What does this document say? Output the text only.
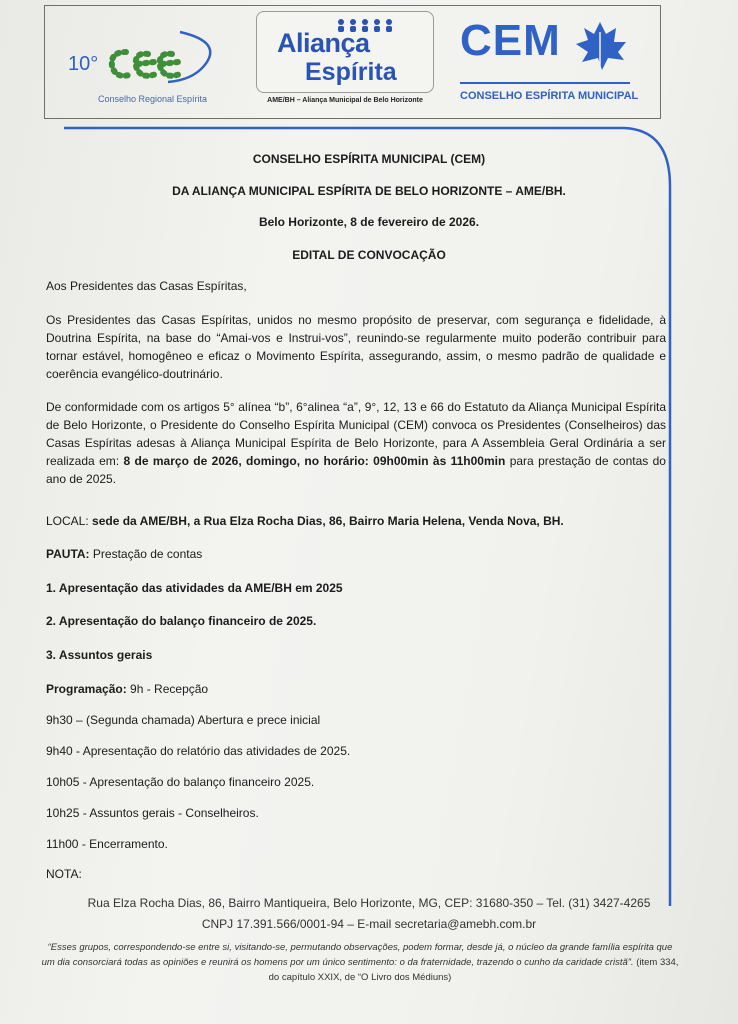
10°
Conselho Regional Espírita
Aliança
Espírita
AME/BH – Aliança Municipal de Belo Horizonte
CEM
CONSELHO ESPÍRITA MUNICIPAL
CONSELHO ESPÍRITA MUNICIPAL (CEM)
DA ALIANÇA MUNICIPAL ESPÍRITA DE BELO HORIZONTE – AME/BH.
Belo Horizonte, 8 de fevereiro de 2026.
EDITAL DE CONVOCAÇÃO
Aos Presidentes das Casas Espíritas,
Os Presidentes das Casas Espíritas, unidos no mesmo propósito de preservar, com segurança e fidelidade, à Doutrina Espírita, na base do “Amai-vos e Instrui-vos”, reunindo-se regularmente muito poderão contribuir para tornar estável, homogêneo e eficaz o Movimento Espírita, assegurando, assim, o mesmo padrão de qualidade e coerência evangélico-doutrinário.
De conformidade com os artigos 5° alínea “b”, 6°alinea “a”, 9°, 12, 13 e 66 do Estatuto da Aliança Municipal Espírita de Belo Horizonte, o Presidente do Conselho Espírita Municipal (CEM) convoca os Presidentes (Conselheiros) das Casas Espíritas adesas à Aliança Municipal Espírita de Belo Horizonte, para A Assembleia Geral Ordinária a ser realizada em: 8 de março de 2026, domingo, no horário: 09h00min às 11h00min para prestação de contas do ano de 2025.
LOCAL: sede da AME/BH, a Rua Elza Rocha Dias, 86, Bairro Maria Helena, Venda Nova, BH.
PAUTA: Prestação de contas
1. Apresentação das atividades da AME/BH em 2025
2. Apresentação do balanço financeiro de 2025.
3. Assuntos gerais
Programação: 9h - Recepção
9h30 – (Segunda chamada) Abertura e prece inicial
9h40 - Apresentação do relatório das atividades de 2025.
10h05 - Apresentação do balanço financeiro 2025.
10h25 - Assuntos gerais - Conselheiros.
11h00 - Encerramento.
NOTA:
Rua Elza Rocha Dias, 86, Bairro Mantiqueira, Belo Horizonte, MG, CEP: 31680-350 – Tel. (31) 3427-4265
CNPJ 17.391.566/0001-94 – E-mail secretaria@amebh.com.br
“Esses grupos, correspondendo-se entre si, visitando-se, permutando observações, podem formar, desde já, o núcleo da grande família espírita que um dia consorciará todas as opiniões e reunirá os homens por um único sentimento: o da fraternidade, trazendo o cunho da caridade cristã”. (item 334, do capítulo XXIX, de “O Livro dos Médiuns)
